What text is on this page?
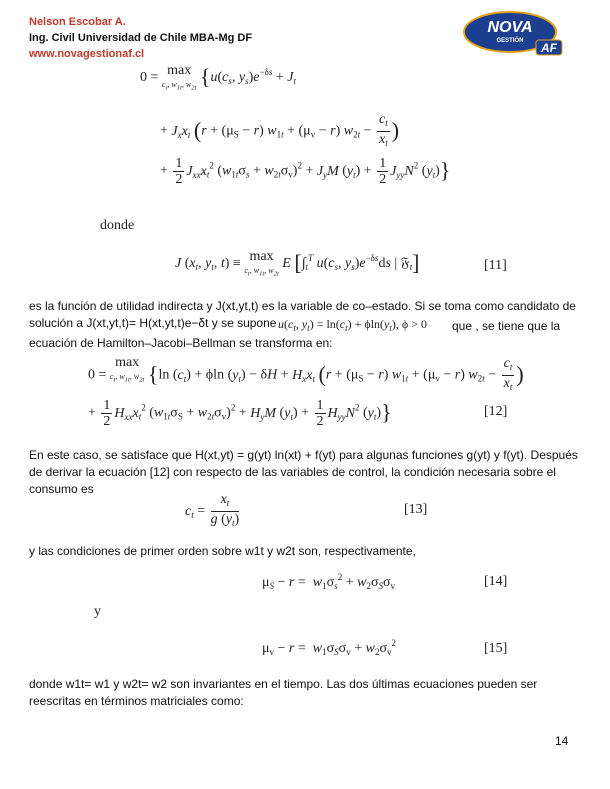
Nelson Escobar A.
Ing. Civil Universidad de Chile MBA-Mg DF
www.novagestionaf.cl
NOVA
GESTIÓN AF
0 = max
$c_t$, $w_{1t}$, $w_{2t}$ {$u(c_s$, $y_s)e^{-\delta s} + J_t$
+ $J_xx_t$ ($r + (\mu_S - r) w_{1t} + (\mu_v - r) w_{2t} - \frac{c_t}{x_t}$ )
+ $\frac{1}{2} J_{xx}x_t^2$ $(w_{1t}\sigma_s + w_{2t}\sigma_v)^2 + J_yM$ $(y_t) + \frac{1}{2} J_{yy}N^2$ $(y_t)$}
donde
J ($x_t$, $y_t$, t) ≡ max
$c_t$, $w_{1t}$, $w_{2t}$
E [$\int_t^T$ $u(c_s$, $y_s)e^{-\delta s}ds$ | 𝔉$_t$]	[11]
es la función de utilidad indirecta y J(xt,yt,t) es la variable de co–estado. Si se toma como candidato de solución a J(xt,yt,t)= H(xt,yt,t)e−δt y se supone $u(c_t$, $y_t) = \ln(c_t) + \phi\ln(y_t)$, ϕ > 0 que , se tiene que la
ecuación de Hamilton–Jacobi–Bellman se transforma en:
0 = max
$c_t$, $w_{1t}$, $w_{2t}$ {ln $(c_t) + \phi\ln$ $(y_t) - \delta H + H_xx_t$ ($r + (\mu_S - r) w_{1t} + (\mu_v - r) w_{2t} - \frac{c_t}{x_t}$ )
+ $\frac{1}{2} H_{xx}x_t^2$ $(w_{1t}\sigma_S + w_{2t}\sigma_v)^2 + H_yM$ $(y_t) + \frac{1}{2} H_{yy}N^2$ $(y_t)$}	[12]
En este caso, se satisface que H(xt,yt) = g(yt) ln(xt) + f(yt) para algunas funciones g(yt) y f(yt). Después de derivar la ecuación [12] con respecto de las variables de control, la condición necesaria sobre el consumo es
$c_t = \frac{x_t}{g (y_t)}$	[13]
y las condiciones de primer orden sobre w1t y w2t son, respectivamente,
$\mu_S - r = w_1\sigma_s^2 + w_2\sigma_S\sigma_v$	[14]
y
$\mu_v - r = w_1\sigma_S\sigma_v + w_2\sigma_v^2$	[15]
donde w1t= w1 y w2t= w2 son invariantes en el tiempo. Las dos últimas ecuaciones pueden ser reescritas en términos matriciales como:
14
